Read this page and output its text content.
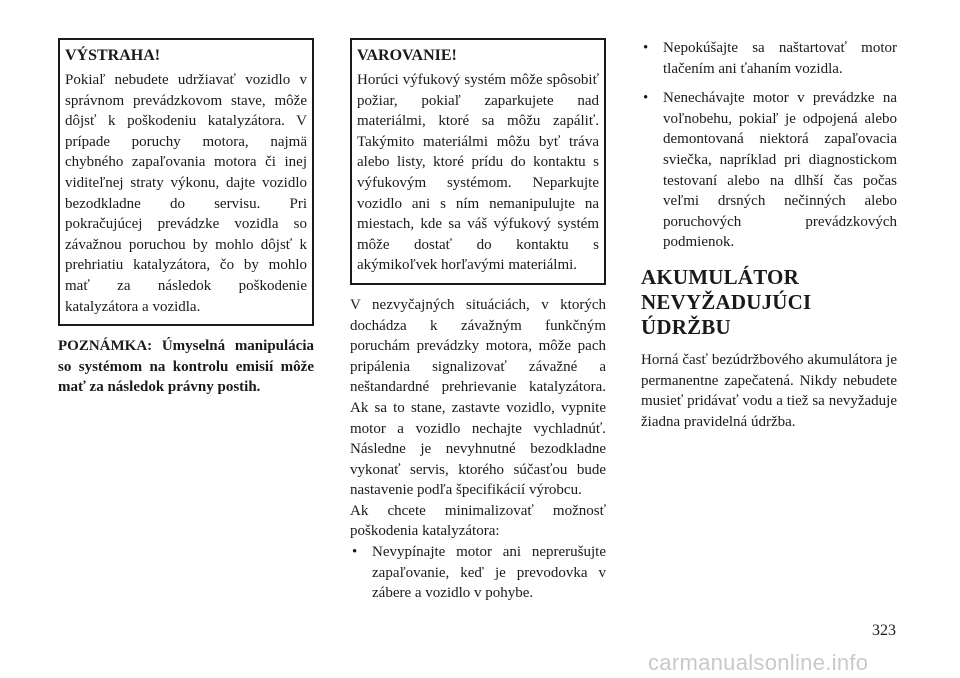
VÝSTRAHA!

Pokiaľ nebudete udržiavať vozidlo v správnom prevádzkovom stave, môže dôjsť k poškodeniu katalyzátora. V prípade poruchy motora, najmä chybného zapaľovania motora či inej viditeľnej straty výkonu, dajte vozidlo bezodkladne do servisu. Pri pokračujúcej prevádzke vozidla so závažnou poruchou by mohlo dôjsť k prehriatiu katalyzátora, čo by mohlo mať za následok poškodenie katalyzátora a vozidla.

POZNÁMKA: Úmyselná manipulácia so systémom na kontrolu emisií môže mať za následok právny postih.

VAROVANIE!

Horúci výfukový systém môže spôsobiť požiar, pokiaľ zaparkujete nad materiálmi, ktoré sa môžu zapáliť. Takýmito materiálmi môžu byť tráva alebo listy, ktoré prídu do kontaktu s výfukovým systémom. Neparkujte vozidlo ani s ním nemanipulujte na miestach, kde sa váš výfukový systém môže dostať do kontaktu s akýmikoľvek horľavými materiálmi.

V nezvyčajných situáciách, v ktorých dochádza k závažným funkčným poruchám prevádzky motora, môže pach pripálenia signalizovať závažné a neštandardné prehrievanie katalyzátora. Ak sa to stane, zastavte vozidlo, vypnite motor a vozidlo nechajte vychladnúť. Následne je nevyhnutné bezodkladne vykonať servis, ktorého súčasťou bude nastavenie podľa špecifikácií výrobcu.

Ak chcete minimalizovať možnosť poškodenia katalyzátora:

• Nevypínajte motor ani neprerušujte zapaľovanie, keď je prevodovka v zábere a vozidlo v pohybe.
• Nepokúšajte sa naštartovať motor tlačením ani ťahaním vozidla.
• Nenechávajte motor v prevádzke na voľnobehu, pokiaľ je odpojená alebo demontovaná niektorá zapaľovacia sviečka, napríklad pri diagnostickom testovaní alebo na dlhší čas počas veľmi drsných nečinných alebo poruchových prevádzkových podmienok.
AKUMULÁTOR
NEVYŽADUJÚCI ÚDRŽBU

Horná časť bezúdržbového akumulátora je permanentne zapečatená. Nikdy nebudete musieť pridávať vodu a tiež sa nevyžaduje žiadna pravidelná údržba.

323
carmanualsonline.info
